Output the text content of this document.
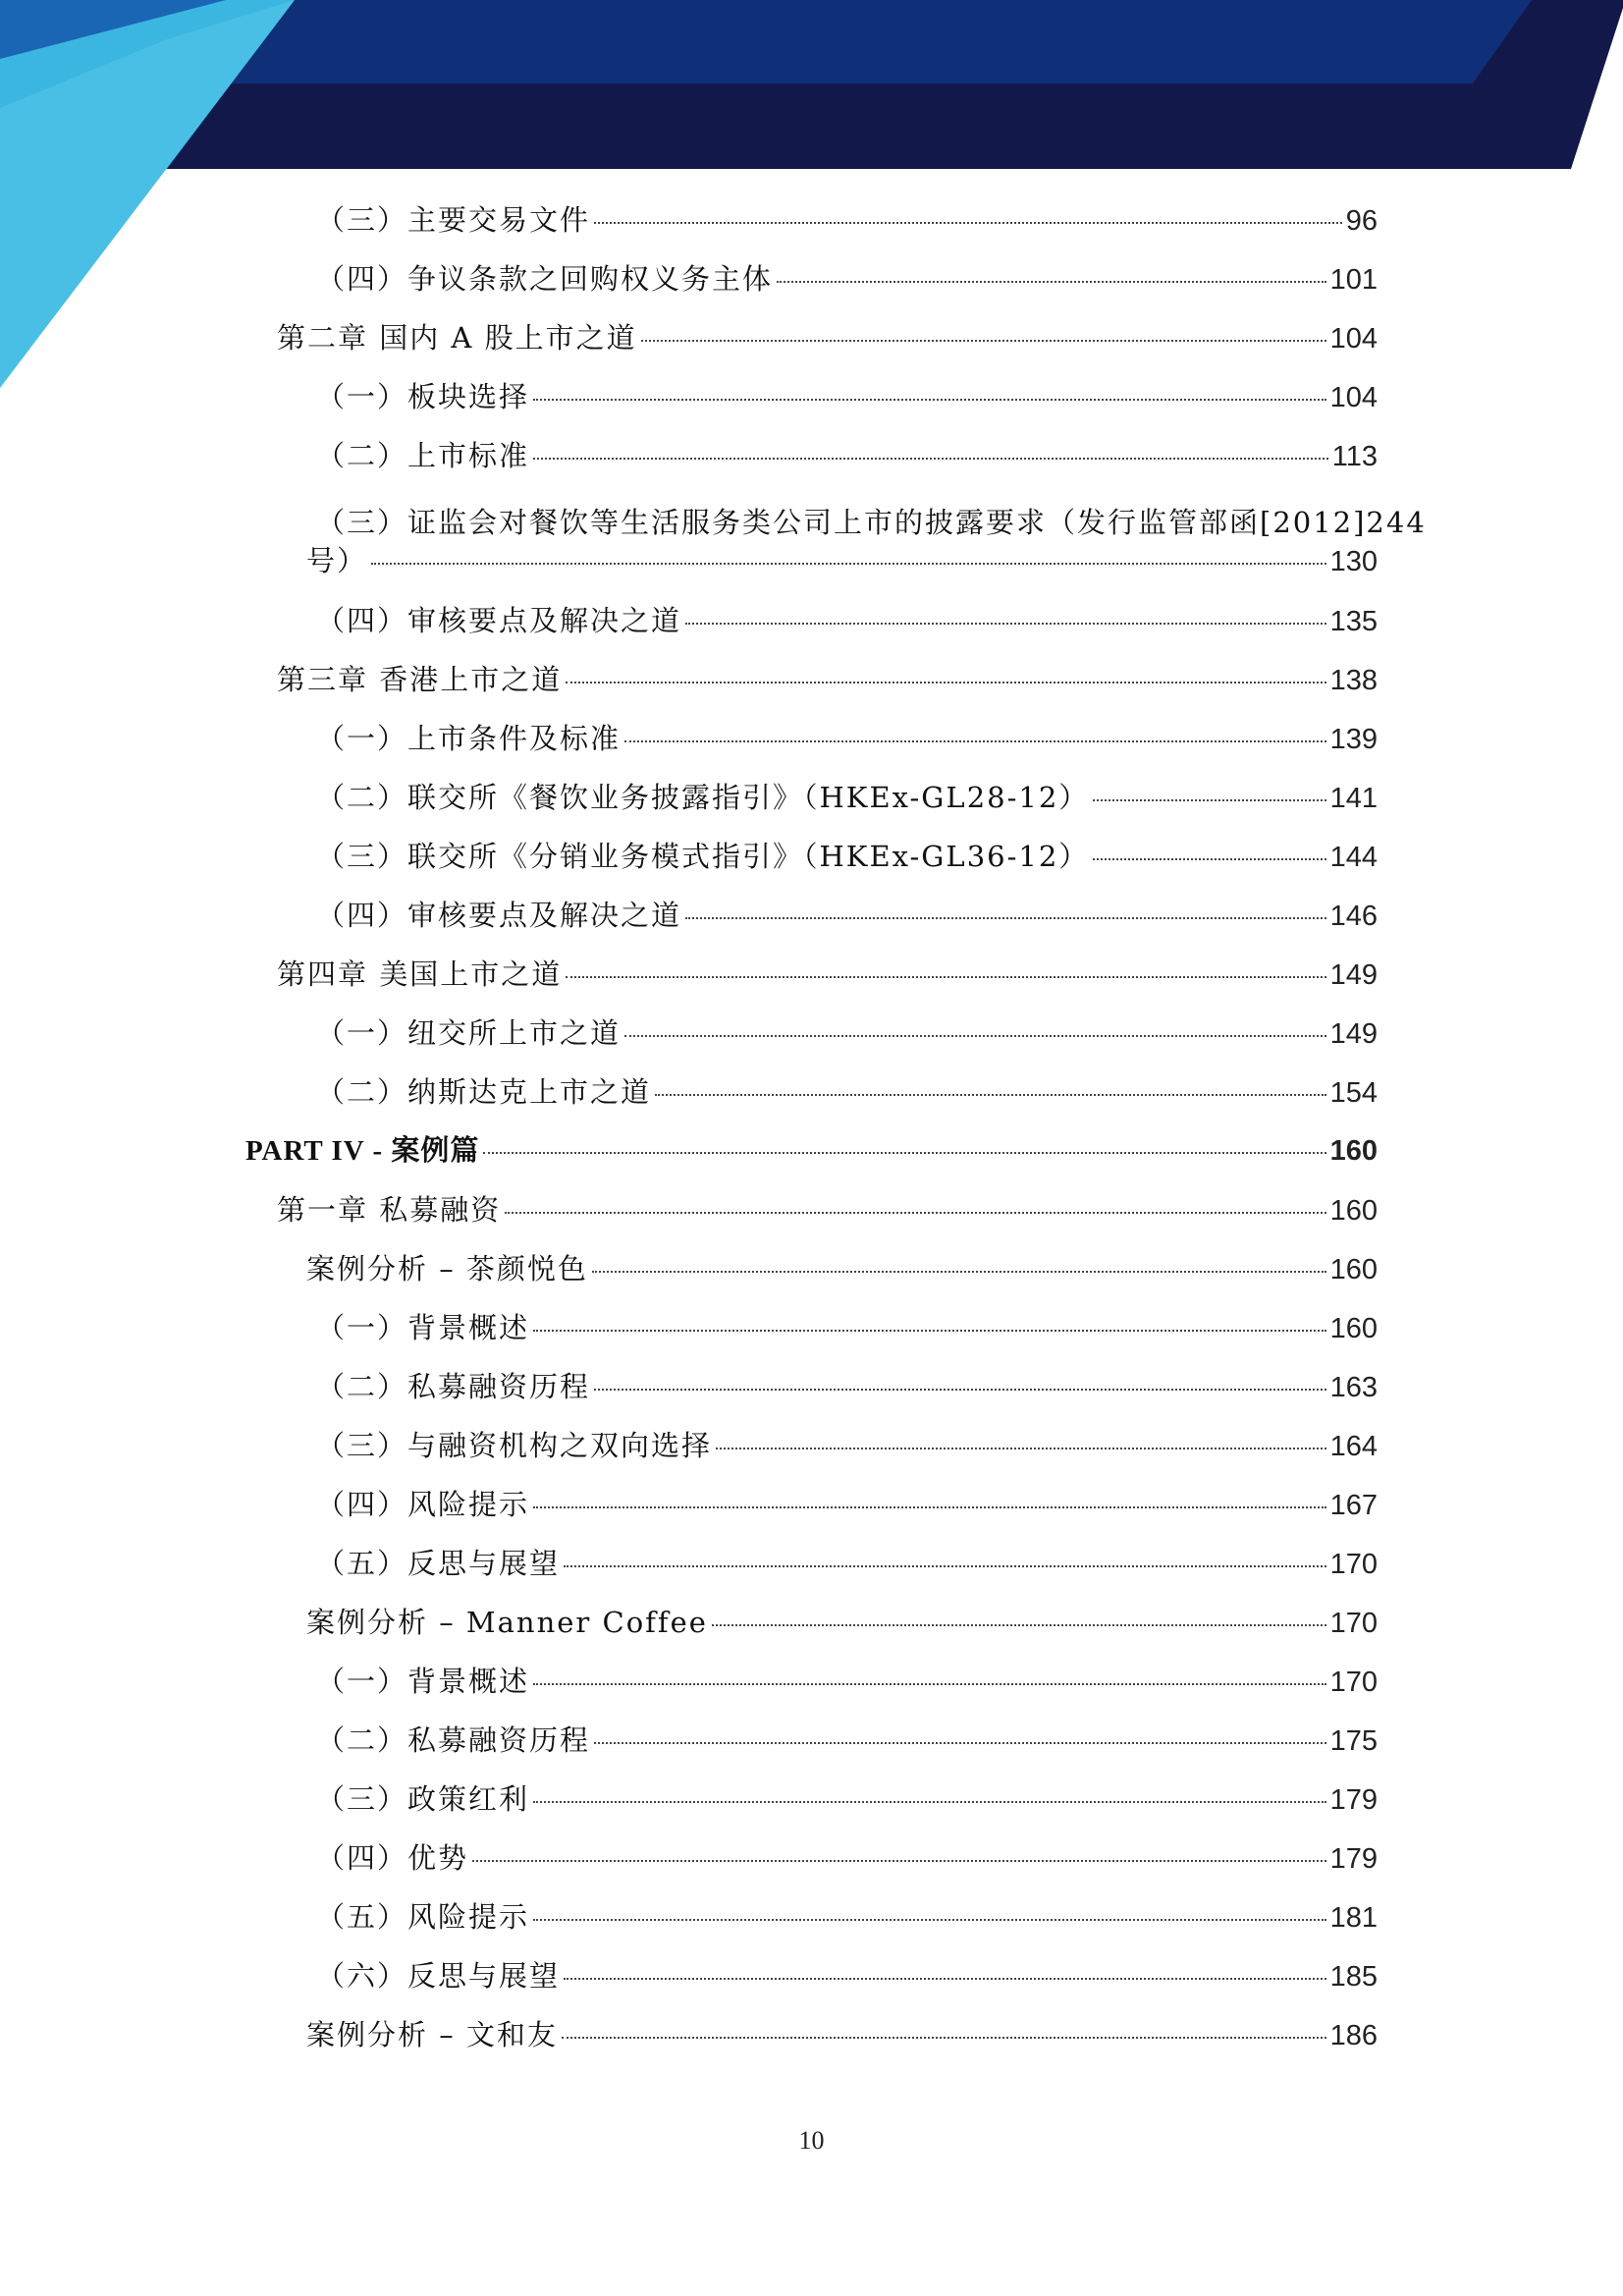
（三）主要交易文件	96
（四）争议条款之回购权义务主体	101
第二章 国内 A 股上市之道	104
（一）板块选择	104
（二）上市标准	113
（三）证监会对餐饮等生活服务类公司上市的披露要求（发行监管部函[2012]244
号）	130
（四）审核要点及解决之道	135
第三章 香港上市之道	138
（一）上市条件及标准	139
（二）联交所《餐饮业务披露指引》（HKEx-GL28-12）	141
（三）联交所《分销业务模式指引》（HKEx-GL36-12）	144
（四）审核要点及解决之道	146
第四章 美国上市之道	149
（一）纽交所上市之道	149
（二）纳斯达克上市之道	154
PART IV - 案例篇	160
第一章 私募融资	160
案例分析 – 茶颜悦色	160
（一）背景概述	160
（二）私募融资历程	163
（三）与融资机构之双向选择	164
（四）风险提示	167
（五）反思与展望	170
案例分析 – Manner Coffee	170
（一）背景概述	170
（二）私募融资历程	175
（三）政策红利	179
（四）优势	179
（五）风险提示	181
（六）反思与展望	185
案例分析 – 文和友	186
10
